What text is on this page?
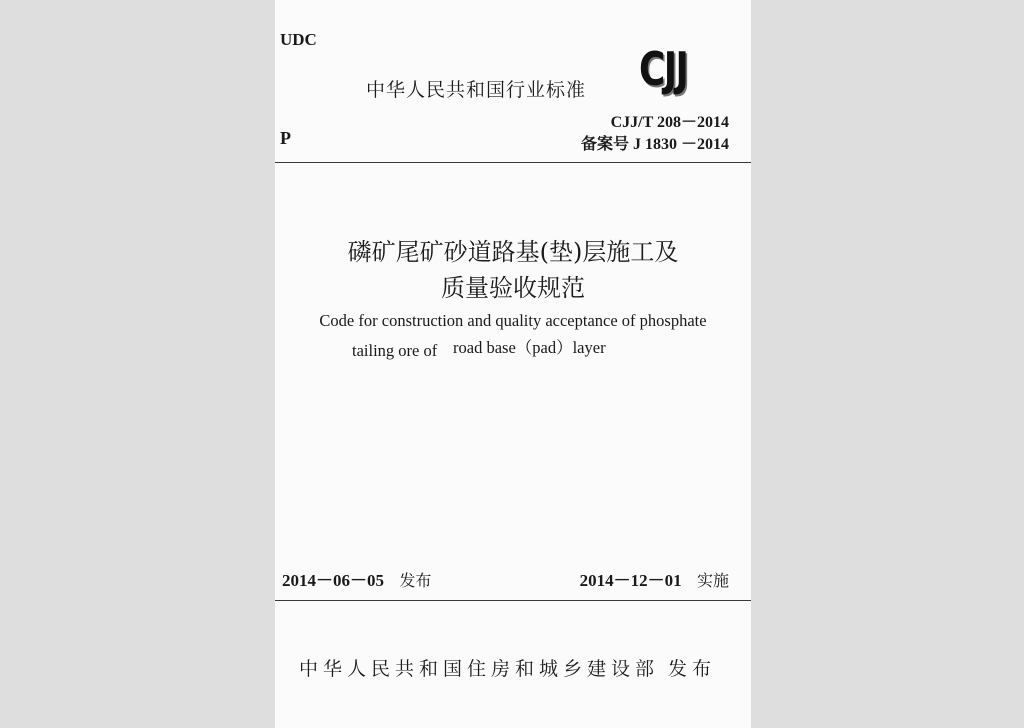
UDC
中华人民共和国行业标准 CJJ
P
CJJ/T 208－2014
备案号 J 1830 －2014
磷矿尾矿砂道路基(垫)层施工及
质量验收规范
Code for construction and quality acceptance of phosphate
tailing ore of road base（pad）layer
2014－06－05 发布	2014－12－01 实施
中华人民共和国住房和城乡建设部 发布
